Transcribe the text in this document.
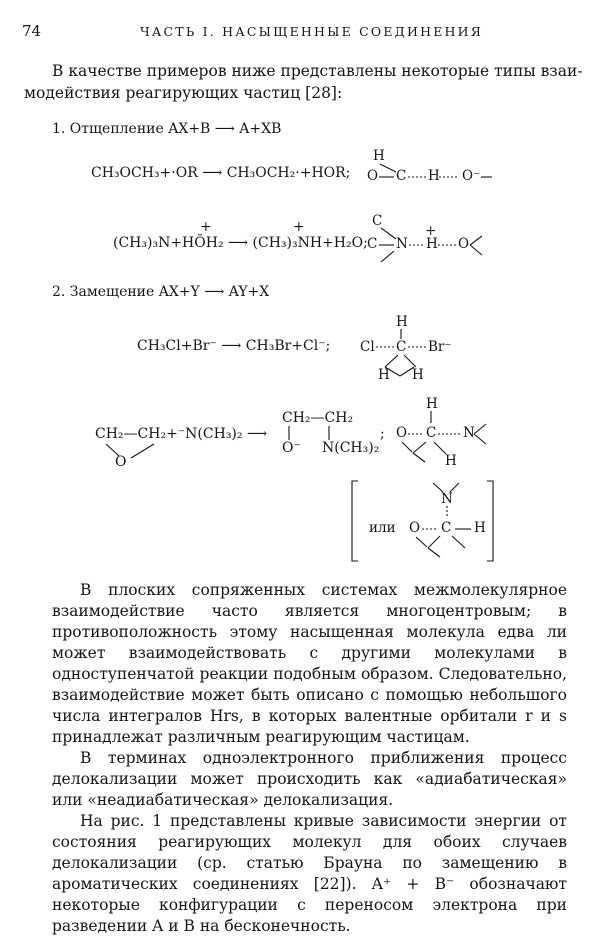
74	ЧАСТЬ I. НАСЫЩЕННЫЕ СОЕДИНЕНИЯ
В качестве примеров ниже представлены некоторые типы взаи-
модействия реагирующих частиц [28]:
1. Отщепление AX+B ⟶ A+XB
CH₃OCH₃+·OR ⟶ CH₃OCH₂·+HOR;
H
O C H O⁻
(CH₃)₃N+HŎH₂ ⟶ (CH₃)₃NH+H₂O;
+	+	C
C N
+
H O
2. Замещение AX+Y ⟶ AY+X
CH₃Cl+Br⁻ ⟶ CH₃Br+Cl⁻;
H
Cl C Br⁻
H H
CH₂—CH₂+⁻N(CH₃)₂ ⟶
O
CH₂—CH₂
O⁻ N(CH₃)₂
;
H
O C N
H
или
N
O C H

В плоских сопряженных системах межмолекулярное взаимодействие часто является многоцентровым; в противоположность этому насыщенная молекула едва ли может взаимодействовать с другими молекулами в одноступенчатой реакции подобным образом. Следовательно, взаимодействие может быть описано с помощью небольшого числа интегралов Hrs, в которых валентные орбитали r и s принадлежат различным реагирующим частицам.

В терминах одноэлектронного приближения процесс делокализации может происходить как «адиабатическая» или «неадиабатическая» делокализация.

На рис. 1 представлены кривые зависимости энергии от состояния реагирующих молекул для обоих случаев делокализации (ср. статью Брауна по замещению в ароматических соединениях [22]). A⁺ + B⁻ обозначают некоторые конфигурации с переносом электрона при разведении A и B на бесконечность.
